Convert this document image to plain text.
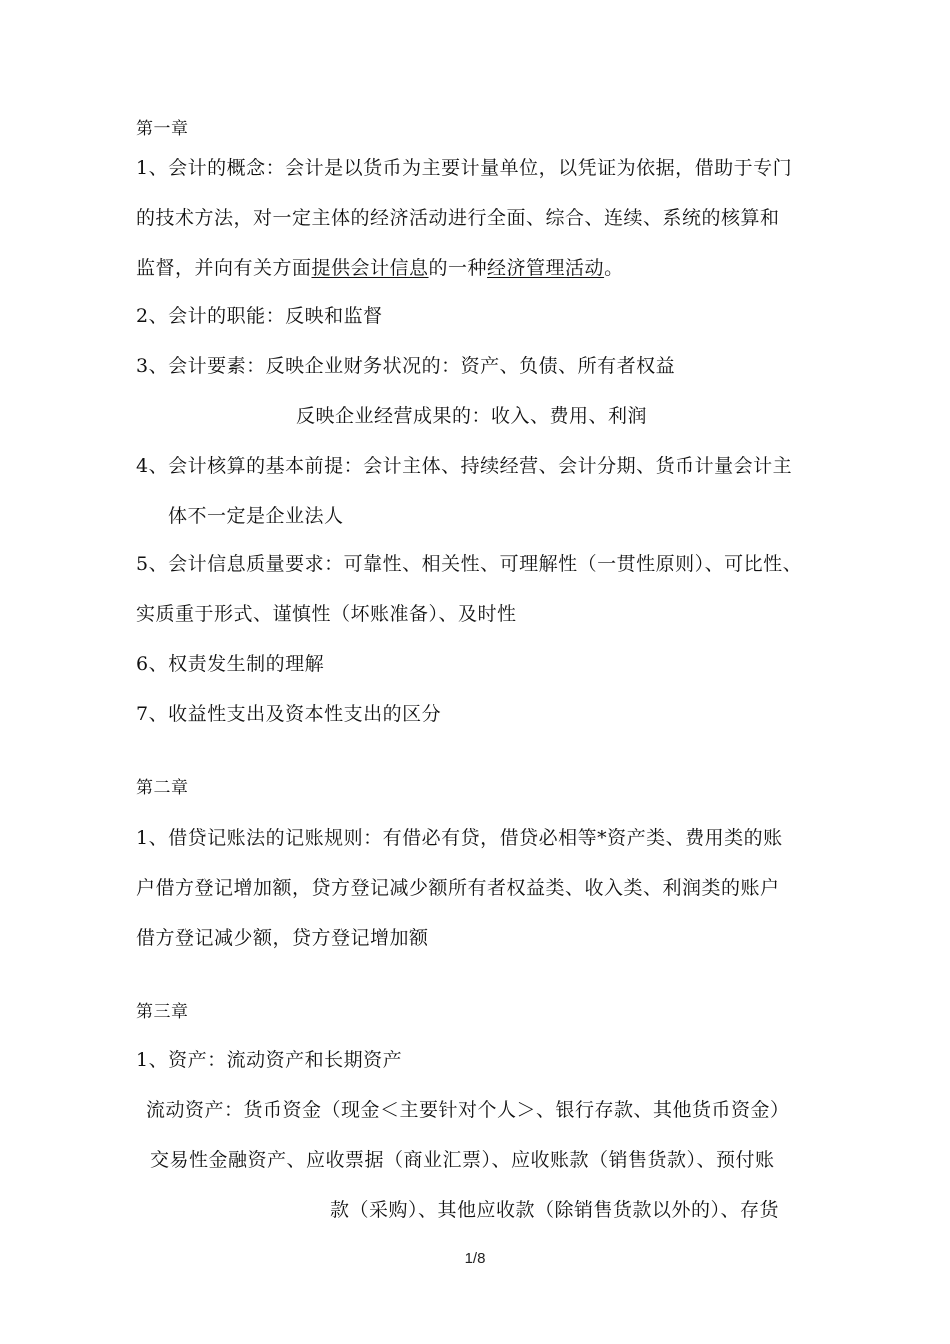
第一章
1、会计的概念：会计是以货币为主要计量单位，以凭证为依据，借助于专门
的技术方法，对一定主体的经济活动进行全面、综合、连续、系统的核算和
监督，并向有关方面提供会计信息的一种经济管理活动。
2、会计的职能：反映和监督
3、会计要素：反映企业财务状况的：资产、负债、所有者权益
反映企业经营成果的：收入、费用、利润
4、会计核算的基本前提：会计主体、持续经营、会计分期、货币计量会计主
体不一定是企业法人
5、会计信息质量要求：可靠性、相关性、可理解性（一贯性原则）、可比性、
实质重于形式、谨慎性（坏账准备）、及时性
6、权责发生制的理解
7、收益性支出及资本性支出的区分
第二章
1、借贷记账法的记账规则：有借必有贷，借贷必相等*资产类、费用类的账
户借方登记增加额，贷方登记减少额所有者权益类、收入类、利润类的账户
借方登记减少额，贷方登记增加额
第三章
1、资产：流动资产和长期资产
流动资产：货币资金（现金＜主要针对个人＞、银行存款、其他货币资金）
交易性金融资产、应收票据（商业汇票）、应收账款（销售货款）、预付账
款（采购）、其他应收款（除销售货款以外的）、存货
1/8
